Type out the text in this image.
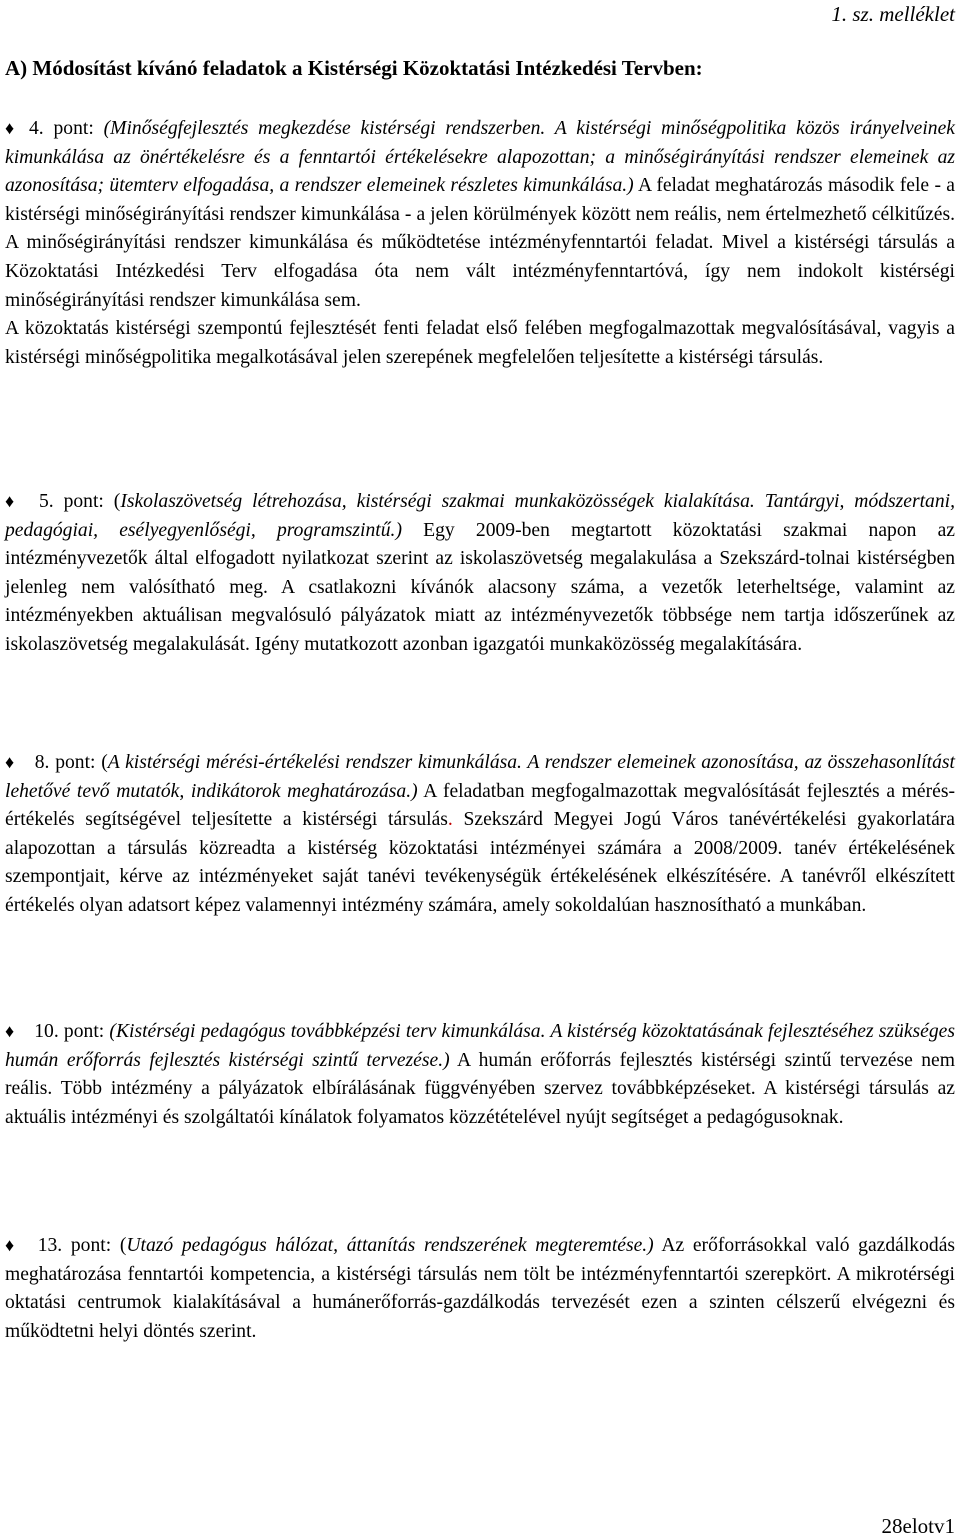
1. sz. melléklet
A) Módosítást kívánó feladatok a Kistérségi Közoktatási Intézkedési Tervben:

♦ 4. pont: (Minőségfejlesztés megkezdése kistérségi rendszerben. A kistérségi minőségpolitika közös irányelveinek kimunkálása az önértékelésre és a fenntartói értékelésekre alapozottan; a minőségirányítási rendszer elemeinek az azonosítása; ütemterv elfogadása, a rendszer elemeinek részletes kimunkálása.) A feladat meghatározás második fele - a kistérségi minőségirányítási rendszer kimunkálása - a jelen körülmények között nem reális, nem értelmezhető célkitűzés. A minőségirányítási rendszer kimunkálása és működtetése intézményfenntartói feladat. Mivel a kistérségi társulás a Közoktatási Intézkedési Terv elfogadása óta nem vált intézményfenntartóvá, így nem indokolt kistérségi minőségirányítási rendszer kimunkálása sem.

A közoktatás kistérségi szempontú fejlesztését fenti feladat első felében megfogalmazottak megvalósításával, vagyis a kistérségi minőségpolitika megalkotásával jelen szerepének megfelelően teljesítette a kistérségi társulás.

♦ 5. pont: (Iskolaszövetség létrehozása, kistérségi szakmai munkaközösségek kialakítása. Tantárgyi, módszertani, pedagógiai, esélyegyenlőségi, programszintű.) Egy 2009-ben megtartott közoktatási szakmai napon az intézményvezetők által elfogadott nyilatkozat szerint az iskolaszövetség megalakulása a Szekszárd-tolnai kistérségben jelenleg nem valósítható meg. A csatlakozni kívánók alacsony száma, a vezetők leterheltsége, valamint az intézményekben aktuálisan megvalósuló pályázatok miatt az intézményvezetők többsége nem tartja időszerűnek az iskolaszövetség megalakulását. Igény mutatkozott azonban igazgatói munkaközösség megalakítására.

♦ 8. pont: (A kistérségi mérési-értékelési rendszer kimunkálása. A rendszer elemeinek azonosítása, az összehasonlítást lehetővé tevő mutatók, indikátorok meghatározása.) A feladatban megfogalmazottak megvalósítását fejlesztés a mérés-értékelés segítségével teljesítette a kistérségi társulás. Szekszárd Megyei Jogú Város tanévértékelési gyakorlatára alapozottan a társulás közreadta a kistérség közoktatási intézményei számára a 2008/2009. tanév értékelésének szempontjait, kérve az intézményeket saját tanévi tevékenységük értékelésének elkészítésére. A tanévről elkészített értékelés olyan adatsort képez valamennyi intézmény számára, amely sokoldalúan hasznosítható a munkában.

♦ 10. pont: (Kistérségi pedagógus továbbképzési terv kimunkálása. A kistérség közoktatásának fejlesztéséhez szükséges humán erőforrás fejlesztés kistérségi szintű tervezése.) A humán erőforrás fejlesztés kistérségi szintű tervezése nem reális. Több intézmény a pályázatok elbírálásának függvényében szervez továbbképzéseket. A kistérségi társulás az aktuális intézményi és szolgáltatói kínálatok folyamatos közzétételével nyújt segítséget a pedagógusoknak.

♦ 13. pont: (Utazó pedagógus hálózat, áttanítás rendszerének megteremtése.) Az erőforrásokkal való gazdálkodás meghatározása fenntartói kompetencia, a kistérségi társulás nem tölt be intézményfenntartói szerepkört. A mikrotérségi oktatási centrumok kialakításával a humánerőforrás-gazdálkodás tervezését ezen a szinten célszerű elvégezni és működtetni helyi döntés szerint.

28elotv1
